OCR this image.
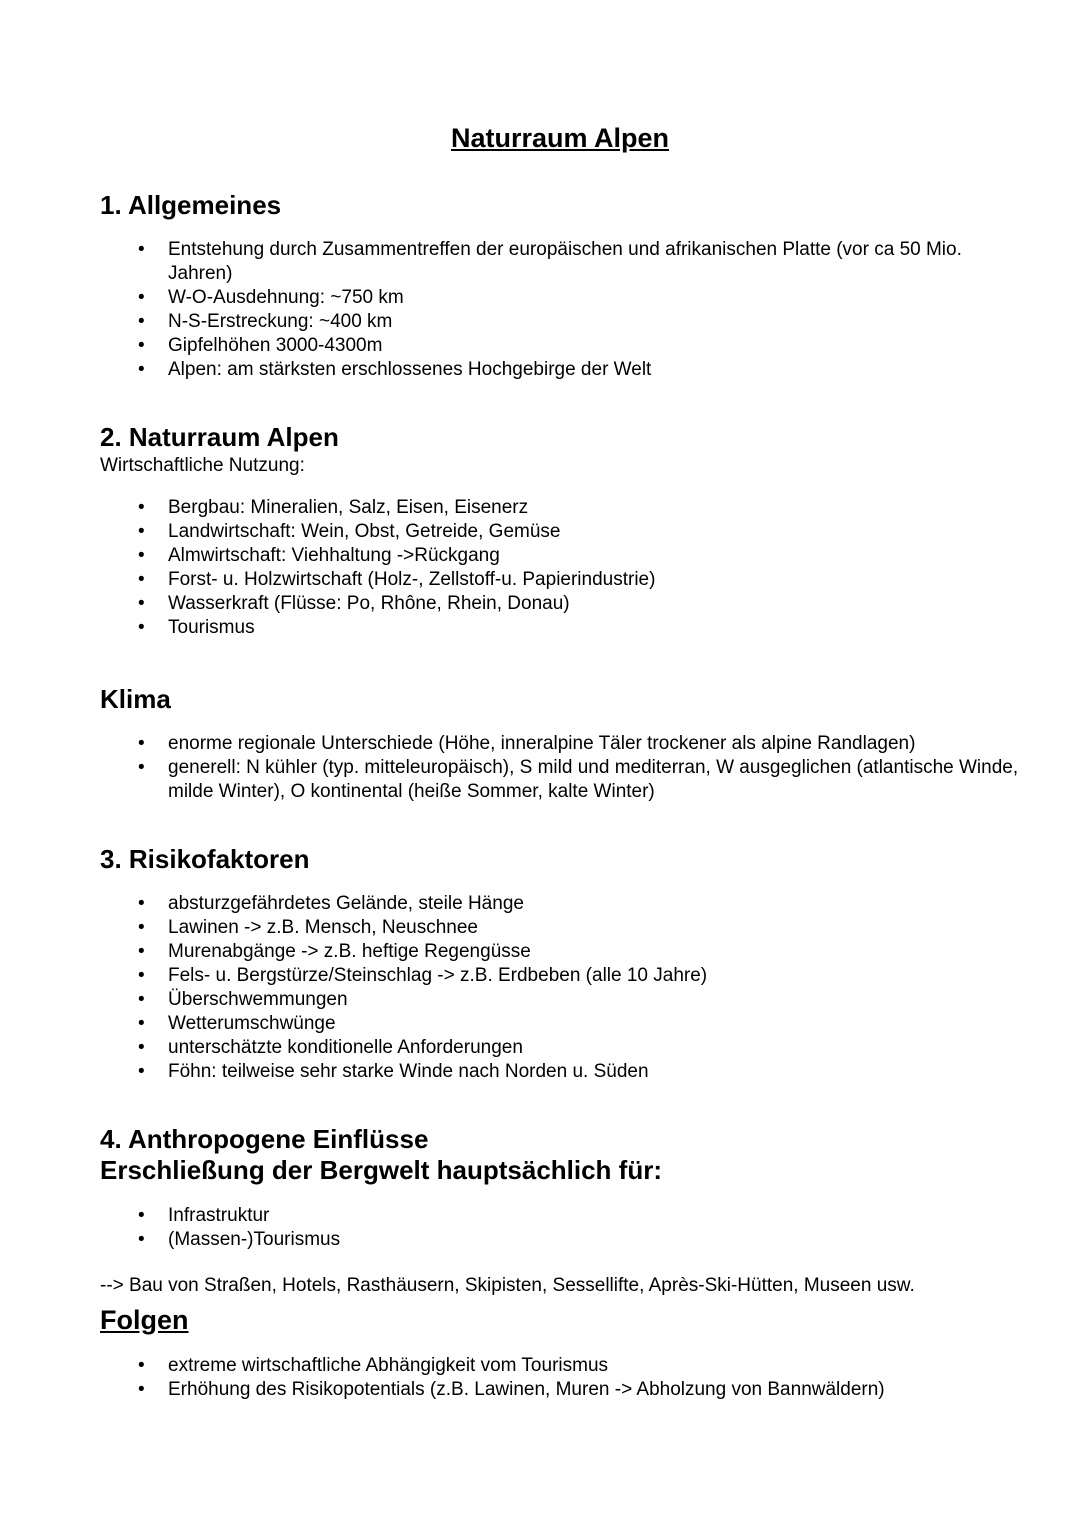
Naturraum Alpen
1. Allgemeines
• Entstehung durch Zusammentreffen der europäischen und afrikanischen Platte (vor ca 50 Mio. Jahren)
• W-O-Ausdehnung: ~750 km
• N-S-Erstreckung: ~400 km
• Gipfelhöhen 3000-4300m
• Alpen: am stärksten erschlossenes Hochgebirge der Welt
2. Naturraum Alpen

Wirtschaftliche Nutzung:

• Bergbau: Mineralien, Salz, Eisen, Eisenerz
• Landwirtschaft: Wein, Obst, Getreide, Gemüse
• Almwirtschaft: Viehhaltung ->Rückgang
• Forst- u. Holzwirtschaft (Holz-, Zellstoff-u. Papierindustrie)
• Wasserkraft (Flüsse: Po, Rhône, Rhein, Donau)
• Tourismus
Klima
• enorme regionale Unterschiede (Höhe, inneralpine Täler trockener als alpine Randlagen)
• generell: N kühler (typ. mitteleuropäisch), S mild und mediterran, W ausgeglichen (atlantische Winde, milde Winter), O kontinental (heiße Sommer, kalte Winter)
3. Risikofaktoren
• absturzgefährdetes Gelände, steile Hänge
• Lawinen -> z.B. Mensch, Neuschnee
• Murenabgänge -> z.B. heftige Regengüsse
• Fels- u. Bergstürze/Steinschlag -> z.B. Erdbeben (alle 10 Jahre)
• Überschwemmungen
• Wetterumschwünge
• unterschätzte konditionelle Anforderungen
• Föhn: teilweise sehr starke Winde nach Norden u. Süden
4. Anthropogene Einflüsse

Erschließung der Bergwelt hauptsächlich für:

• Infrastruktur
• (Massen-)Tourismus

--> Bau von Straßen, Hotels, Rasthäusern, Skipisten, Sessellifte, Après-Ski-Hütten, Museen usw.

Folgen
• extreme wirtschaftliche Abhängigkeit vom Tourismus
• Erhöhung des Risikopotentials (z.B. Lawinen, Muren -> Abholzung von Bannwäldern)
